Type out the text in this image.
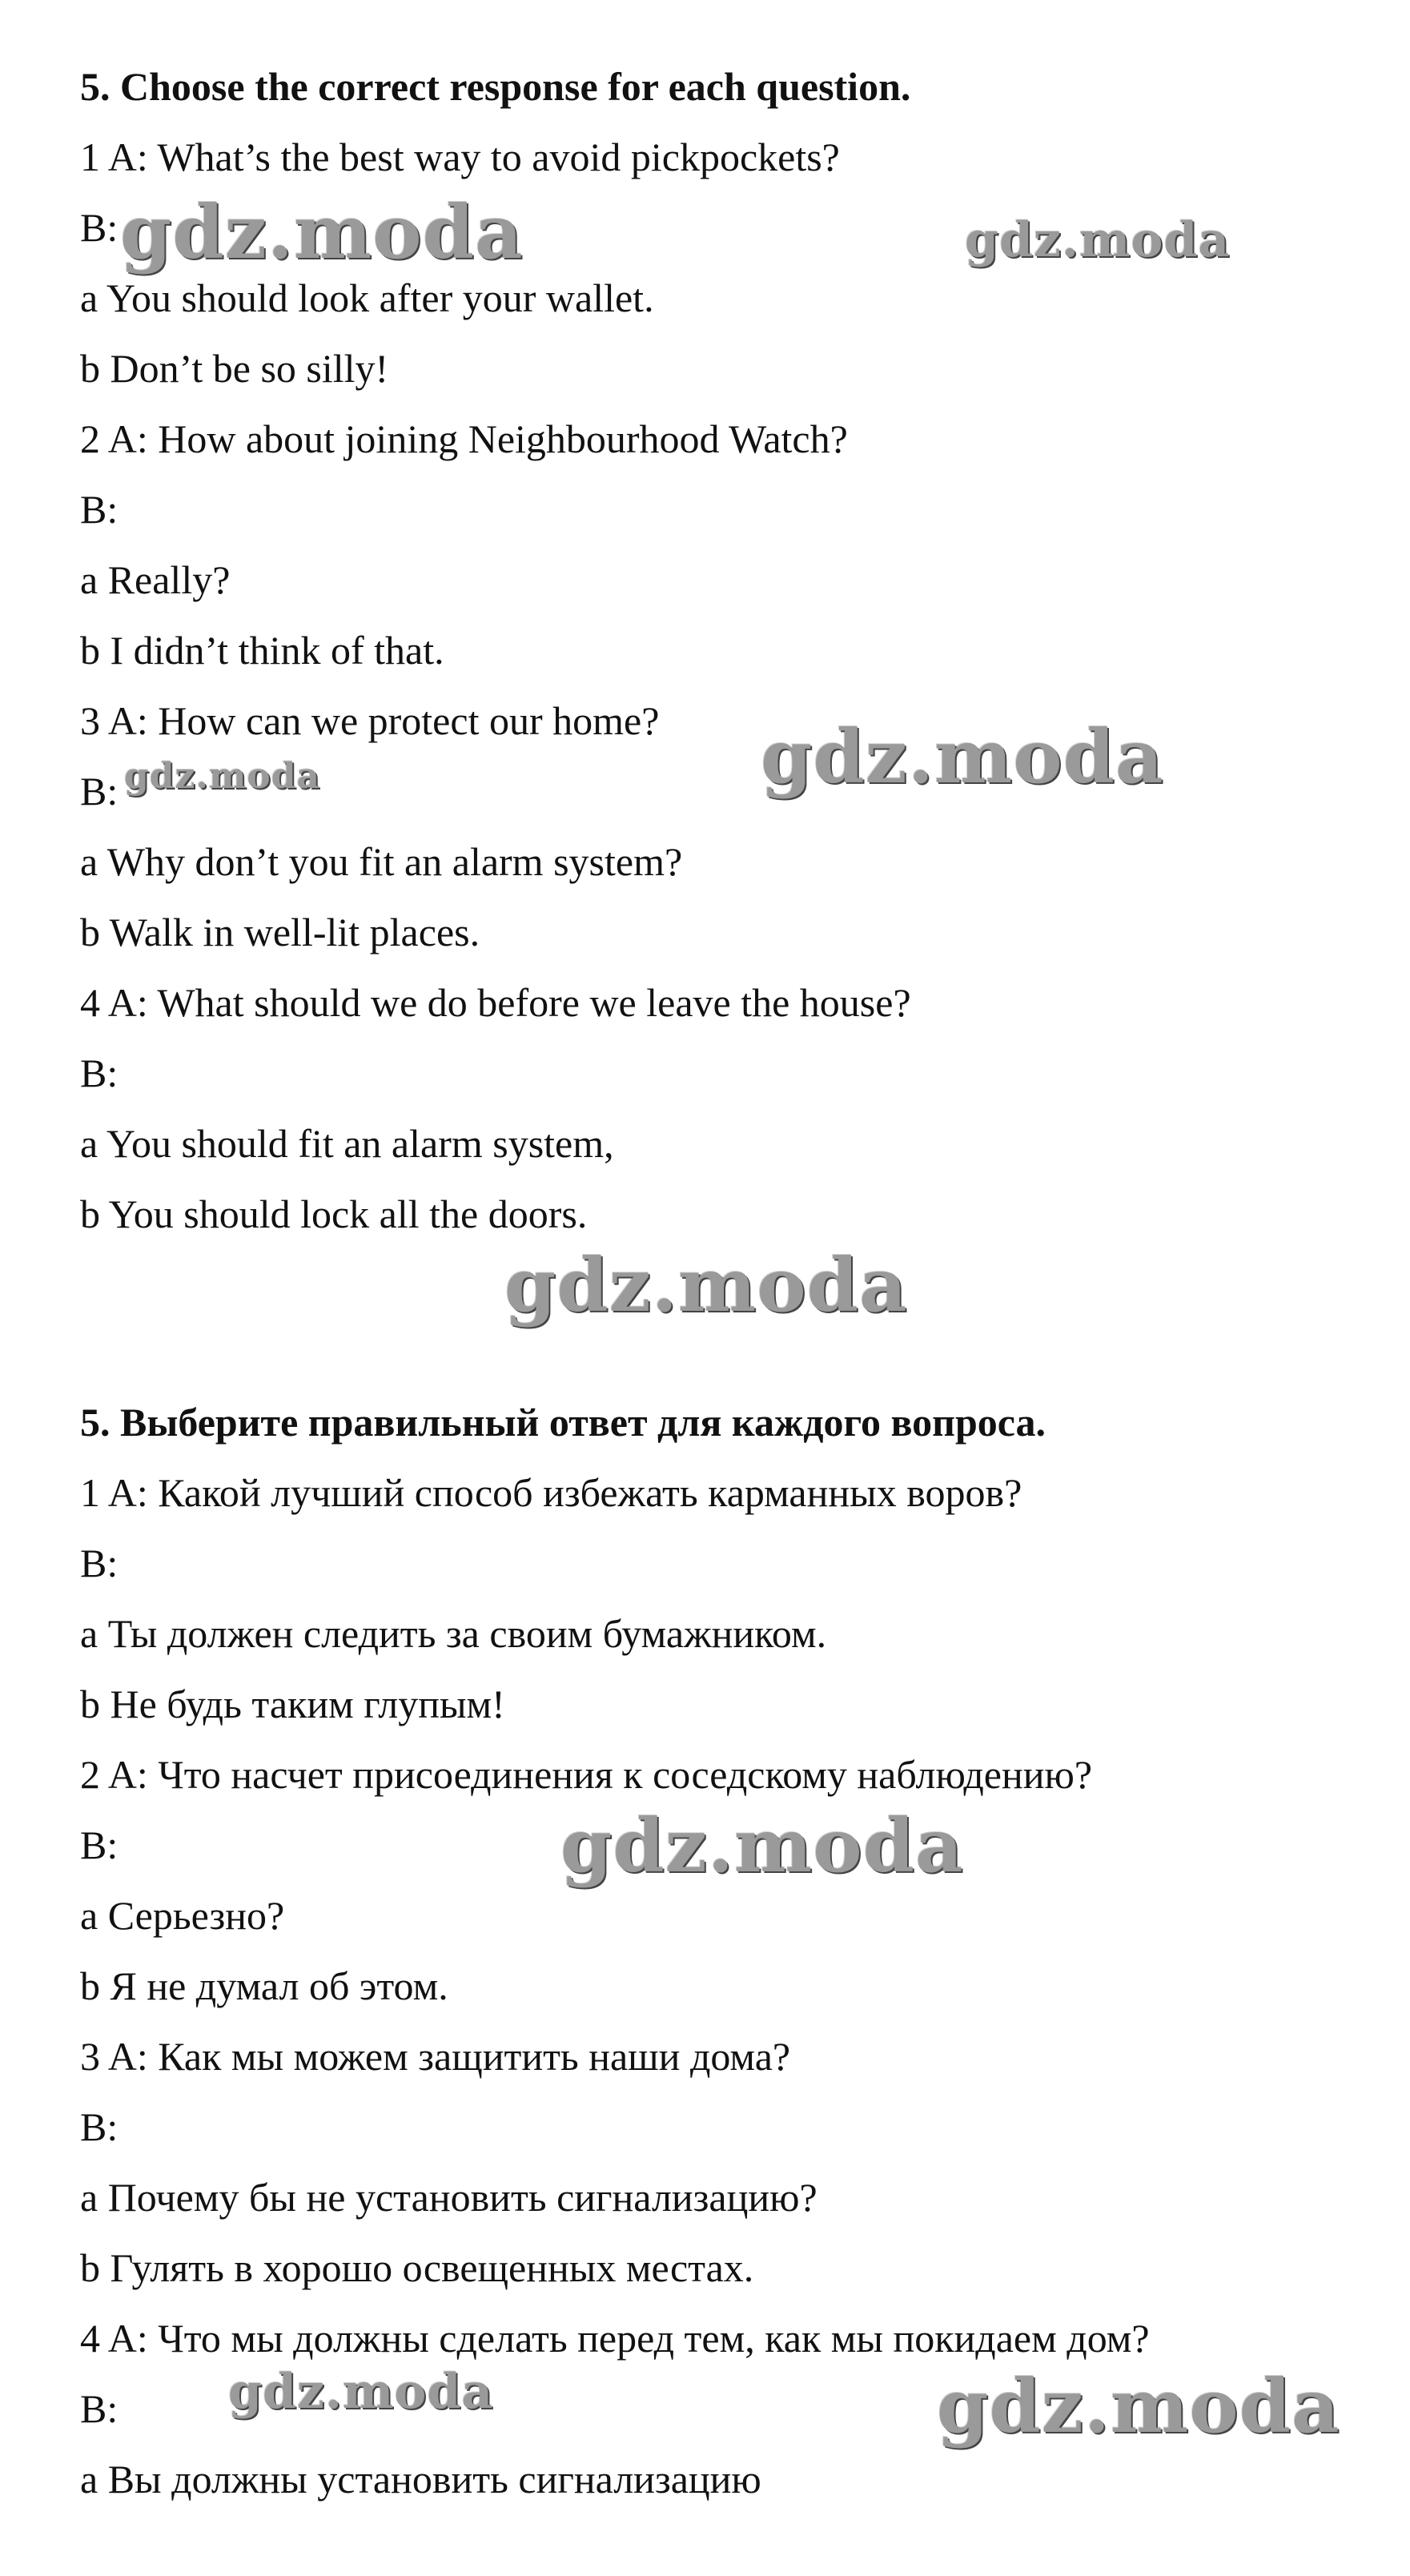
5. Choose the correct response for each question.
1 A: What’s the best way to avoid pickpockets?
B:
a You should look after your wallet.
b Don’t be so silly!
2 A: How about joining Neighbourhood Watch?
B:
a Really?
b I didn’t think of that.
3 A: How can we protect our home?
B:
a Why don’t you fit an alarm system?
b Walk in well-lit places.
4 A: What should we do before we leave the house?
B:
a You should fit an alarm system,
b You should lock all the doors.
5. Выберите правильный ответ для каждого вопроса.
1 A: Какой лучший способ избежать карманных воров?
B:
a Ты должен следить за своим бумажником.
b Не будь таким глупым!
2 A: Что насчет присоединения к соседскому наблюдению?
B:
a Серьезно?
b Я не думал об этом.
3 A: Как мы можем защитить наши дома?
B:
a Почему бы не установить сигнализацию?
b Гулять в хорошо освещенных местах.
4 A: Что мы должны сделать перед тем, как мы покидаем дом?
B:
a Вы должны установить сигнализацию
gdz.moda	gdz.moda
gdz.moda
gdz.moda
gdz.moda
gdz.moda
gdz.moda	gdz.moda
